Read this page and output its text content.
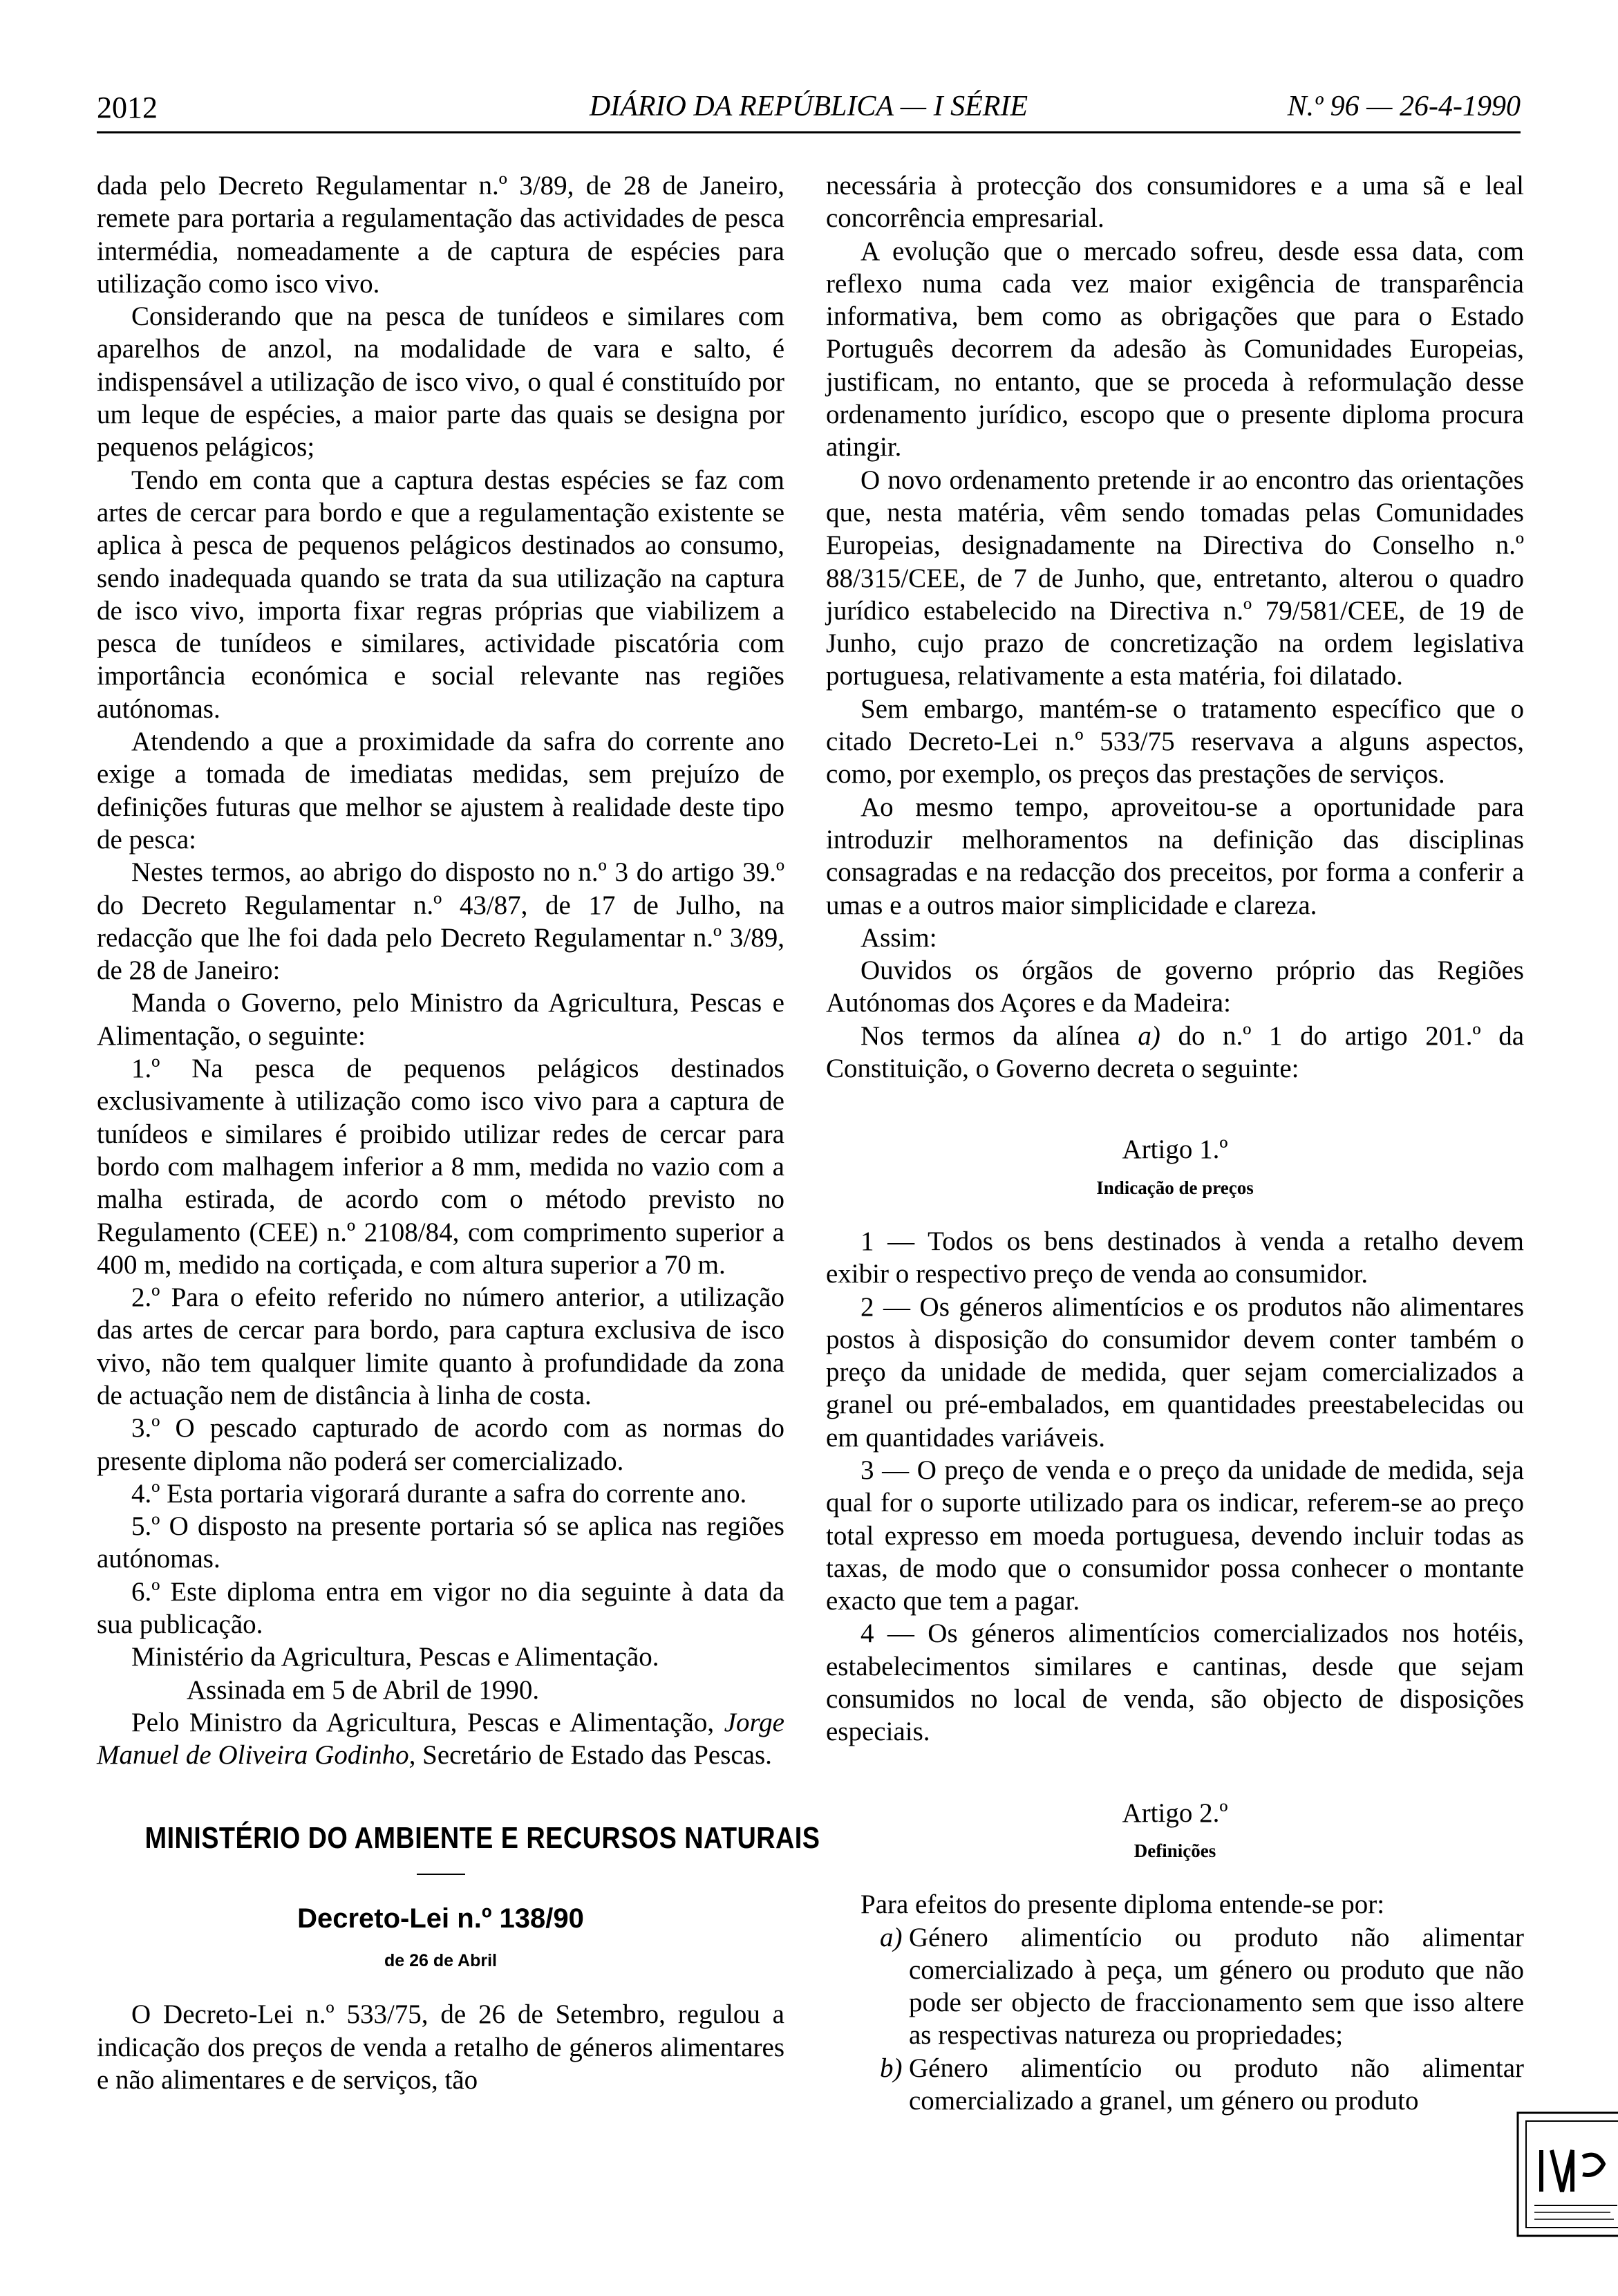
2012	DIÁRIO DA REPÚBLICA — I SÉRIE	N.º 96 — 26-4-1990

dada pelo Decreto Regulamentar n.º 3/89, de 28 de Janeiro, remete para portaria a regulamentação das actividades de pesca intermédia, nomeadamente a de captura de espécies para utilização como isco vivo.

Considerando que na pesca de tunídeos e similares com aparelhos de anzol, na modalidade de vara e salto, é indispensável a utilização de isco vivo, o qual é constituído por um leque de espécies, a maior parte das quais se designa por pequenos pelágicos;

Tendo em conta que a captura destas espécies se faz com artes de cercar para bordo e que a regulamentação existente se aplica à pesca de pequenos pelágicos destinados ao consumo, sendo inadequada quando se trata da sua utilização na captura de isco vivo, importa fixar regras próprias que viabilizem a pesca de tunídeos e similares, actividade piscatória com importância económica e social relevante nas regiões autónomas.

Atendendo a que a proximidade da safra do corrente ano exige a tomada de imediatas medidas, sem prejuízo de definições futuras que melhor se ajustem à realidade deste tipo de pesca:

Nestes termos, ao abrigo do disposto no n.º 3 do artigo 39.º do Decreto Regulamentar n.º 43/87, de 17 de Julho, na redacção que lhe foi dada pelo Decreto Regulamentar n.º 3/89, de 28 de Janeiro:

Manda o Governo, pelo Ministro da Agricultura, Pescas e Alimentação, o seguinte:

1.º Na pesca de pequenos pelágicos destinados exclusivamente à utilização como isco vivo para a captura de tunídeos e similares é proibido utilizar redes de cercar para bordo com malhagem inferior a 8 mm, medida no vazio com a malha estirada, de acordo com o método previsto no Regulamento (CEE) n.º 2108/84, com comprimento superior a 400 m, medido na cortiçada, e com altura superior a 70 m.

2.º Para o efeito referido no número anterior, a utilização das artes de cercar para bordo, para captura exclusiva de isco vivo, não tem qualquer limite quanto à profundidade da zona de actuação nem de distância à linha de costa.

3.º O pescado capturado de acordo com as normas do presente diploma não poderá ser comercializado.

4.º Esta portaria vigorará durante a safra do corrente ano.

5.º O disposto na presente portaria só se aplica nas regiões autónomas.

6.º Este diploma entra em vigor no dia seguinte à data da sua publicação.

Ministério da Agricultura, Pescas e Alimentação.

Assinada em 5 de Abril de 1990.

Pelo Ministro da Agricultura, Pescas e Alimentação, Jorge Manuel de Oliveira Godinho, Secretário de Estado das Pescas.

MINISTÉRIO DO AMBIENTE E RECURSOS NATURAIS
Decreto-Lei n.º 138/90
de 26 de Abril

O Decreto-Lei n.º 533/75, de 26 de Setembro, regulou a indicação dos preços de venda a retalho de géneros alimentares e não alimentares e de serviços, tão

necessária à protecção dos consumidores e a uma sã e leal concorrência empresarial.

A evolução que o mercado sofreu, desde essa data, com reflexo numa cada vez maior exigência de transparência informativa, bem como as obrigações que para o Estado Português decorrem da adesão às Comunidades Europeias, justificam, no entanto, que se proceda à reformulação desse ordenamento jurídico, escopo que o presente diploma procura atingir.

O novo ordenamento pretende ir ao encontro das orientações que, nesta matéria, vêm sendo tomadas pelas Comunidades Europeias, designadamente na Directiva do Conselho n.º 88/315/CEE, de 7 de Junho, que, entretanto, alterou o quadro jurídico estabelecido na Directiva n.º 79/581/CEE, de 19 de Junho, cujo prazo de concretização na ordem legislativa portuguesa, relativamente a esta matéria, foi dilatado.

Sem embargo, mantém-se o tratamento específico que o citado Decreto-Lei n.º 533/75 reservava a alguns aspectos, como, por exemplo, os preços das prestações de serviços.

Ao mesmo tempo, aproveitou-se a oportunidade para introduzir melhoramentos na definição das disciplinas consagradas e na redacção dos preceitos, por forma a conferir a umas e a outros maior simplicidade e clareza.

Assim:

Ouvidos os órgãos de governo próprio das Regiões Autónomas dos Açores e da Madeira:

Nos termos da alínea a) do n.º 1 do artigo 201.º da Constituição, o Governo decreta o seguinte:

Artigo 1.º
Indicação de preços

1 — Todos os bens destinados à venda a retalho devem exibir o respectivo preço de venda ao consumidor.

2 — Os géneros alimentícios e os produtos não alimentares postos à disposição do consumidor devem conter também o preço da unidade de medida, quer sejam comercializados a granel ou pré-embalados, em quantidades preestabelecidas ou em quantidades variáveis.

3 — O preço de venda e o preço da unidade de medida, seja qual for o suporte utilizado para os indicar, referem-se ao preço total expresso em moeda portuguesa, devendo incluir todas as taxas, de modo que o consumidor possa conhecer o montante exacto que tem a pagar.

4 — Os géneros alimentícios comercializados nos hotéis, estabelecimentos similares e cantinas, desde que sejam consumidos no local de venda, são objecto de disposições especiais.

Artigo 2.º
Definições

Para efeitos do presente diploma entende-se por:

a) Género alimentício ou produto não alimentar comercializado à peça, um género ou produto que não pode ser objecto de fraccionamento sem que isso altere as respectivas natureza ou propriedades;

b) Género alimentício ou produto não alimentar comercializado a granel, um género ou produto
